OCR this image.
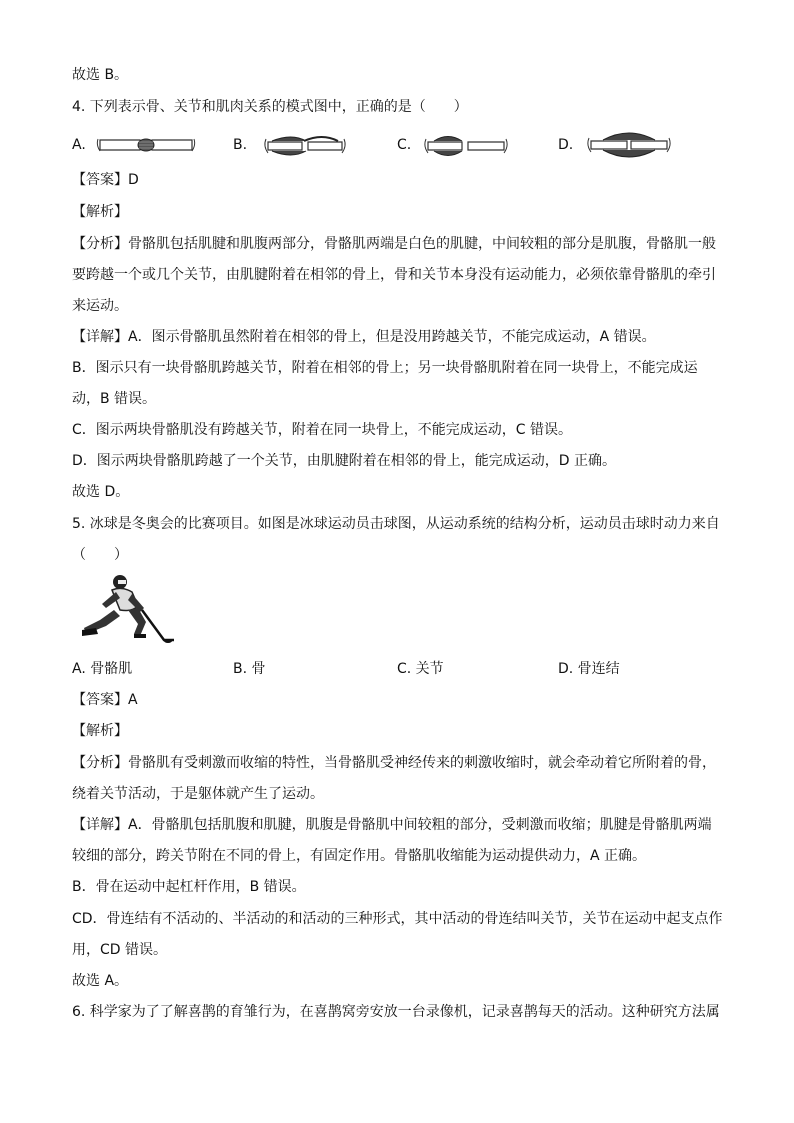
故选 B。
4. 下列表示骨、关节和肌肉关系的模式图中，正确的是（　　）
A.	B.	C.	D.
【答案】D
【解析】
【分析】骨骼肌包括肌腱和肌腹两部分，骨骼肌两端是白色的肌腱，中间较粗的部分是肌腹，骨骼肌一般
要跨越一个或几个关节，由肌腱附着在相邻的骨上，骨和关节本身没有运动能力，必须依靠骨骼肌的牵引
来运动。
【详解】A．图示骨骼肌虽然附着在相邻的骨上，但是没用跨越关节，不能完成运动，A 错误。
B．图示只有一块骨骼肌跨越关节，附着在相邻的骨上；另一块骨骼肌附着在同一块骨上，不能完成运
动，B 错误。
C．图示两块骨骼肌没有跨越关节，附着在同一块骨上，不能完成运动，C 错误。
D．图示两块骨骼肌跨越了一个关节，由肌腱附着在相邻的骨上，能完成运动，D 正确。
故选 D。
5. 冰球是冬奥会的比赛项目。如图是冰球运动员击球图，从运动系统的结构分析，运动员击球时动力来自
（　　）
A. 骨骼肌	B. 骨	C. 关节	D. 骨连结
【答案】A
【解析】
【分析】骨骼肌有受刺激而收缩的特性，当骨骼肌受神经传来的刺激收缩时，就会牵动着它所附着的骨，
绕着关节活动，于是躯体就产生了运动。
【详解】A．骨骼肌包括肌腹和肌腱，肌腹是骨骼肌中间较粗的部分，受刺激而收缩；肌腱是骨骼肌两端
较细的部分，跨关节附在不同的骨上，有固定作用。骨骼肌收缩能为运动提供动力，A 正确。
B．骨在运动中起杠杆作用，B 错误。
CD．骨连结有不活动的、半活动的和活动的三种形式，其中活动的骨连结叫关节，关节在运动中起支点作
用，CD 错误。
故选 A。
6. 科学家为了了解喜鹊的育雏行为，在喜鹊窝旁安放一台录像机，记录喜鹊每天的活动。这种研究方法属
